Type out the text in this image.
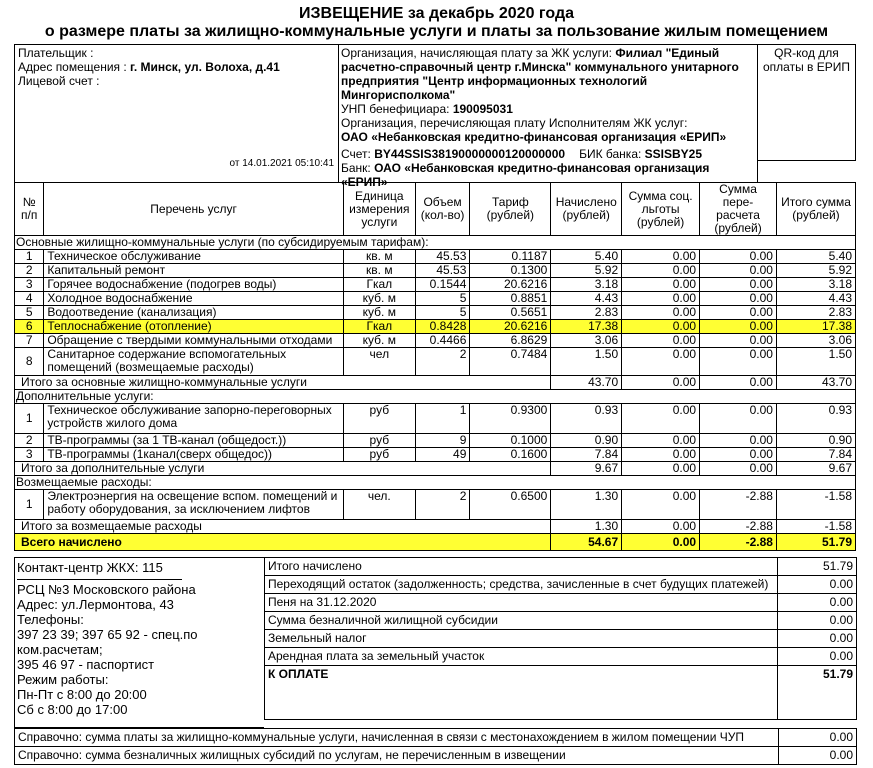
ИЗВЕЩЕНИЕ за декабрь 2020 года
о размере платы за жилищно-коммунальные услуги и платы за пользование жилым помещением
Плательщик :
Адрес помещения : г. Минск, ул. Волоха, д.41
Лицевой счет :
от 14.01.2021 05:10:41
Организация, начисляющая плату за ЖК услуги: Филиал "Единый расчетно-справочный центр г.Минска" коммунального унитарного предприятия "Центр информационных технологий Мингорисполкома"
УНП бенефициара: 190095031
Организация, перечисляющая плату Исполнителям ЖК услуг:
ОАО «Небанковская кредитно-финансовая организация «ЕРИП»
Счет: BY44SSIS38190000000120000000 БИК банка: SSISBY25
Банк: ОАО «Небанковская кредитно-финансовая организация «ЕРИП»
QR-код для оплаты в ЕРИП
№ п/п	Перечень услуг	Единица измерения услуги	Объем (кол-во)	Тариф (рублей)	Начислено (рублей)	Сумма соц. льготы (рублей)	Сумма пере-расчета (рублей)	Итого сумма (рублей)
Основные жилищно-коммунальные услуги (по субсидируемым тарифам):								
1	Техническое обслуживание	кв. м	45.53	0.1187	5.40	0.00	0.00	5.40
2	Капитальный ремонт	кв. м	45.53	0.1300	5.92	0.00	0.00	5.92
3	Горячее водоснабжение (подогрев воды)	Гкал	0.1544	20.6216	3.18	0.00	0.00	3.18
4	Холодное водоснабжение	куб. м	5	0.8851	4.43	0.00	0.00	4.43
5	Водоотведение (канализация)	куб. м	5	0.5651	2.83	0.00	0.00	2.83
6	Теплоснабжение (отопление)	Гкал	0.8428	20.6216	17.38	0.00	0.00	17.38
7	Обращение с твердыми коммунальными отходами	куб. м	0.4466	6.8629	3.06	0.00	0.00	3.06
8	Санитарное содержание вспомогательных помещений (возмещаемые расходы)	чел	2	0.7484	1.50	0.00	0.00	1.50
Итого за основные жилищно-коммунальные услуги					43.70	0.00	0.00	43.70
Дополнительные услуги:								
1	Техническое обслуживание запорно-переговорных устройств жилого дома	руб	1	0.9300	0.93	0.00	0.00	0.93
2	ТВ-программы (за 1 ТВ-канал (общедост.))	руб	9	0.1000	0.90	0.00	0.00	0.90
3	ТВ-программы (1канал(сверх общедос))	руб	49	0.1600	7.84	0.00	0.00	7.84
Итого за дополнительные услуги					9.67	0.00	0.00	9.67
Возмещаемые расходы:								
1	Электроэнергия на освещение вспом. помещений и работу оборудования, за исключением лифтов	чел.	2	0.6500	1.30	0.00	-2.88	-1.58
Итого за возмещаемые расходы					1.30	0.00	-2.88	-1.58
Всего начислено					54.67	0.00	-2.88	51.79
Контакт-центр ЖКХ: 115
РСЦ №3 Московского района
Адрес: ул.Лермонтова, 43
Телефоны:
397 23 39; 397 65 92 - спец.по
ком.расчетам;
395 46 97 - паспортист
Режим работы:
Пн-Пт с 8:00 до 20:00
Сб с 8:00 до 17:00
Итого начислено	51.79
Переходящий остаток (задолженность; средства, зачисленные в счет будущих платежей)	0.00
Пеня на 31.12.2020	0.00
Сумма безналичной жилищной субсидии	0.00
Земельный налог	0.00
Арендная плата за земельный участок	0.00
К ОПЛАТЕ	51.79
Справочно: сумма платы за жилищно-коммунальные услуги, начисленная в связи с местонахождением в жилом помещении ЧУП	0.00
Справочно: сумма безналичных жилищных субсидий по услугам, не перечисленным в извещении	0.00
